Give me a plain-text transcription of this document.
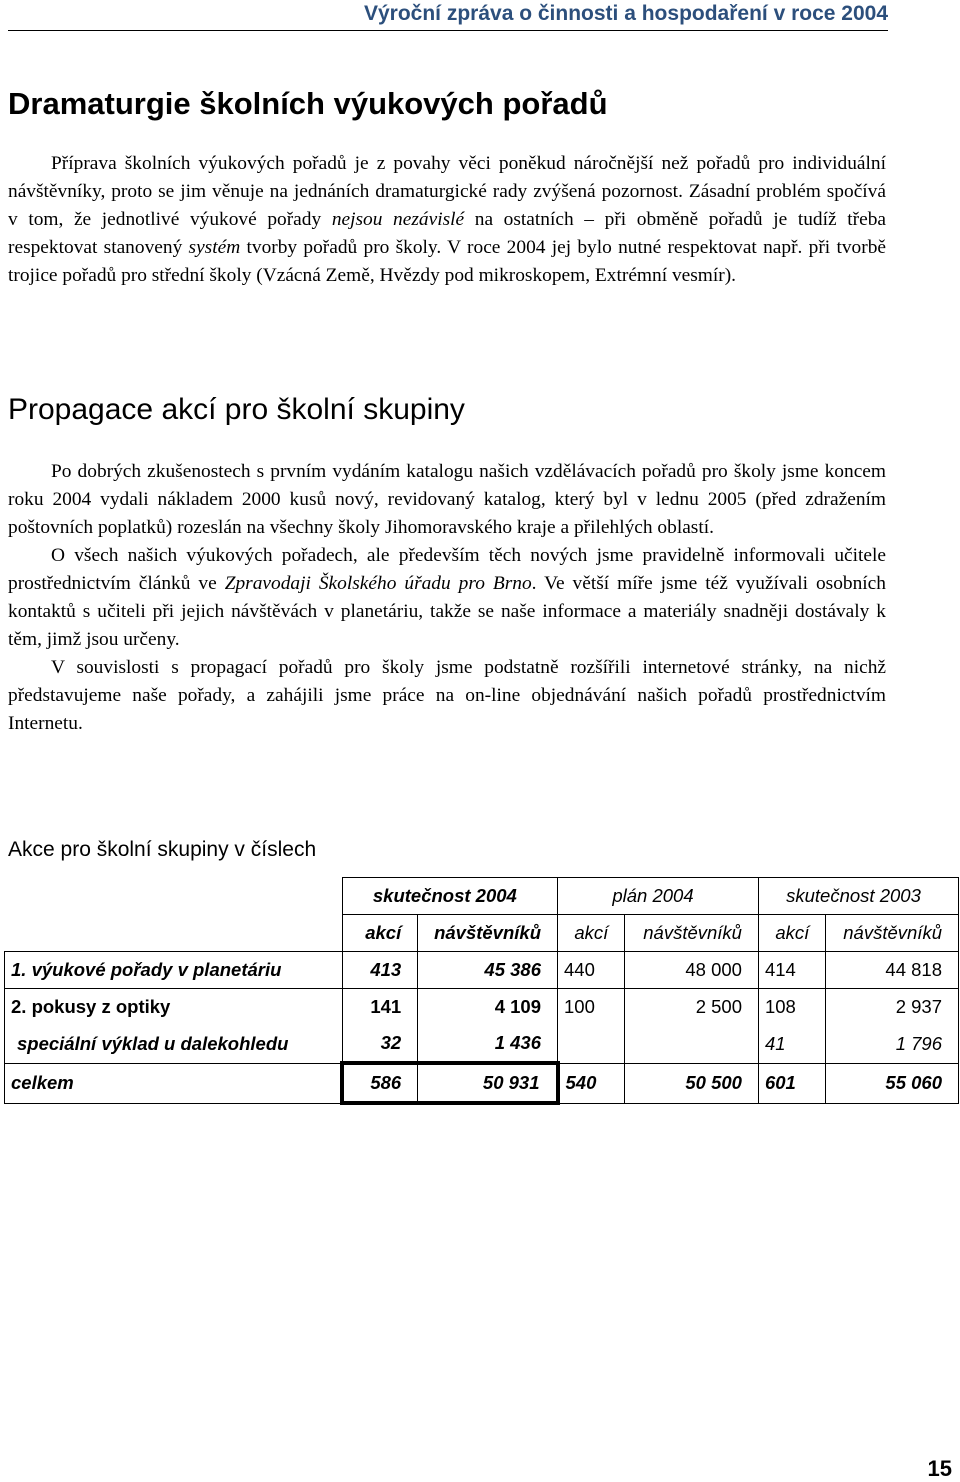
Výroční zpráva o činnosti a hospodaření v roce 2004
Dramaturgie školních výukových pořadů

Příprava školních výukových pořadů je z povahy věci poněkud náročnější než pořadů pro individuální návštěvníky, proto se jim věnuje na jednáních dramaturgické rady zvýšená pozornost. Zásadní problém spočívá v tom, že jednotlivé výukové pořady nejsou nezávislé na ostatních – při obměně pořadů je tudíž třeba respektovat stanovený systém tvorby pořadů pro školy. V roce 2004 jej bylo nutné respektovat např. při tvorbě trojice pořadů pro střední školy (Vzácná Země, Hvězdy pod mikroskopem, Extrémní vesmír).

Propagace akcí pro školní skupiny

Po dobrých zkušenostech s prvním vydáním katalogu našich vzdělávacích pořadů pro školy jsme koncem roku 2004 vydali nákladem 2000 kusů nový, revidovaný katalog, který byl v lednu 2005 (před zdražením poštovních poplatků) rozeslán na všechny školy Jihomoravského kraje a přilehlých oblastí.

O všech našich výukových pořadech, ale především těch nových jsme pravidelně informovali učitele prostřednictvím článků ve Zpravodaji Školského úřadu pro Brno. Ve větší míře jsme též využívali osobních kontaktů s učiteli při jejich návštěvách v planetáriu, takže se naše informace a materiály snadněji dostávaly k těm, jimž jsou určeny.

V souvislosti s propagací pořadů pro školy jsme podstatně rozšířili internetové stránky, na nichž představujeme naše pořady, a zahájili jsme práce na on-line objednávání našich pořadů prostřednictvím Internetu.

Akce pro školní skupiny v číslech
	skutečnost 2004		plán 2004		skutečnost 2003	
	akcí	návštěvníků	akcí	návštěvníků	akcí	návštěvníků
1. výukové pořady v planetáriu	413	45 386	440	48 000	414	44 818
2. pokusy z optiky	141	4 109	100	2 500	108	2 937
speciální výklad u dalekohledu	32	1 436			41	1 796
celkem	586	50 931	540	50 500	601	55 060
15
